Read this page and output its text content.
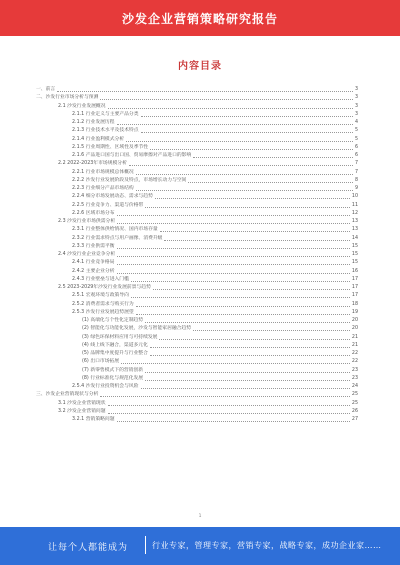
沙发企业营销策略研究报告
内容目录
一、前言	3
二、沙发行业市场分析与预测	3
2.1 沙发行业发展概况	3
2.1.1 行业定义与主要产品分类	3
2.1.2 行业发展历程	4
2.1.3 行业技术水平及技术特点	5
2.1.4 行业盈利模式分析	5
2.1.5 行业周期性、区域性及季节性	6
2.1.6 产品进口国与出口国、贸易摩擦对产品进口的影响	6
2.2 2022-2023年市场规模分析	7
2.2.1 行业市场规模总体概况	7
2.2.2 沙发行业发展阶段及特点，市场增长动力与空间	8
2.2.3 行业细分产品市场结构	9
2.2.4 细分市场发展动态、需求与趋势	10
2.2.5 行业竞争力、渠道与价格带	11
2.2.6 区域市场分布	12
2.3 沙发行业市场供需分析	13
2.3.1 行业整体供给情况、国内市场存量	13
2.3.2 行业需求特点与用户画像、消费升级	14
2.3.3 行业供需平衡	15
2.4 沙发行业企业竞争分析	15
2.4.1 行业竞争格局	15
2.4.2 主要企业分析	16
2.4.3 行业壁垒与进入门槛	17
2.5 2023-2029年沙发行业发展前景与趋势	17
2.5.1 宏观环境与政策导向	17
2.5.2 消费者需求与购买行为	18
2.5.3 沙发行业发展趋势展望	19
(1) 高端化与个性化定制趋势	20
(2) 智能化与功能化发展，沙发与智能家居融合趋势	20
(3) 绿色环保材料应用与可持续发展	21
(4) 线上线下融合，渠道多元化	21
(5) 品牌集中度提升与行业整合	22
(6) 出口市场拓展	22
(7) 新零售模式下的营销创新	23
(8) 行业标准化与规范化发展	23
2.5.4 沙发行业投资机会与风险	24
三、沙发企业营销现状与分析	25
3.1 沙发企业营销现状	25
3.2 沙发企业营销问题	26
3.2.1 营销策略问题	27
1
让每个人都能成为	行业专家，管理专家，营销专家，战略专家，成功企业家……
